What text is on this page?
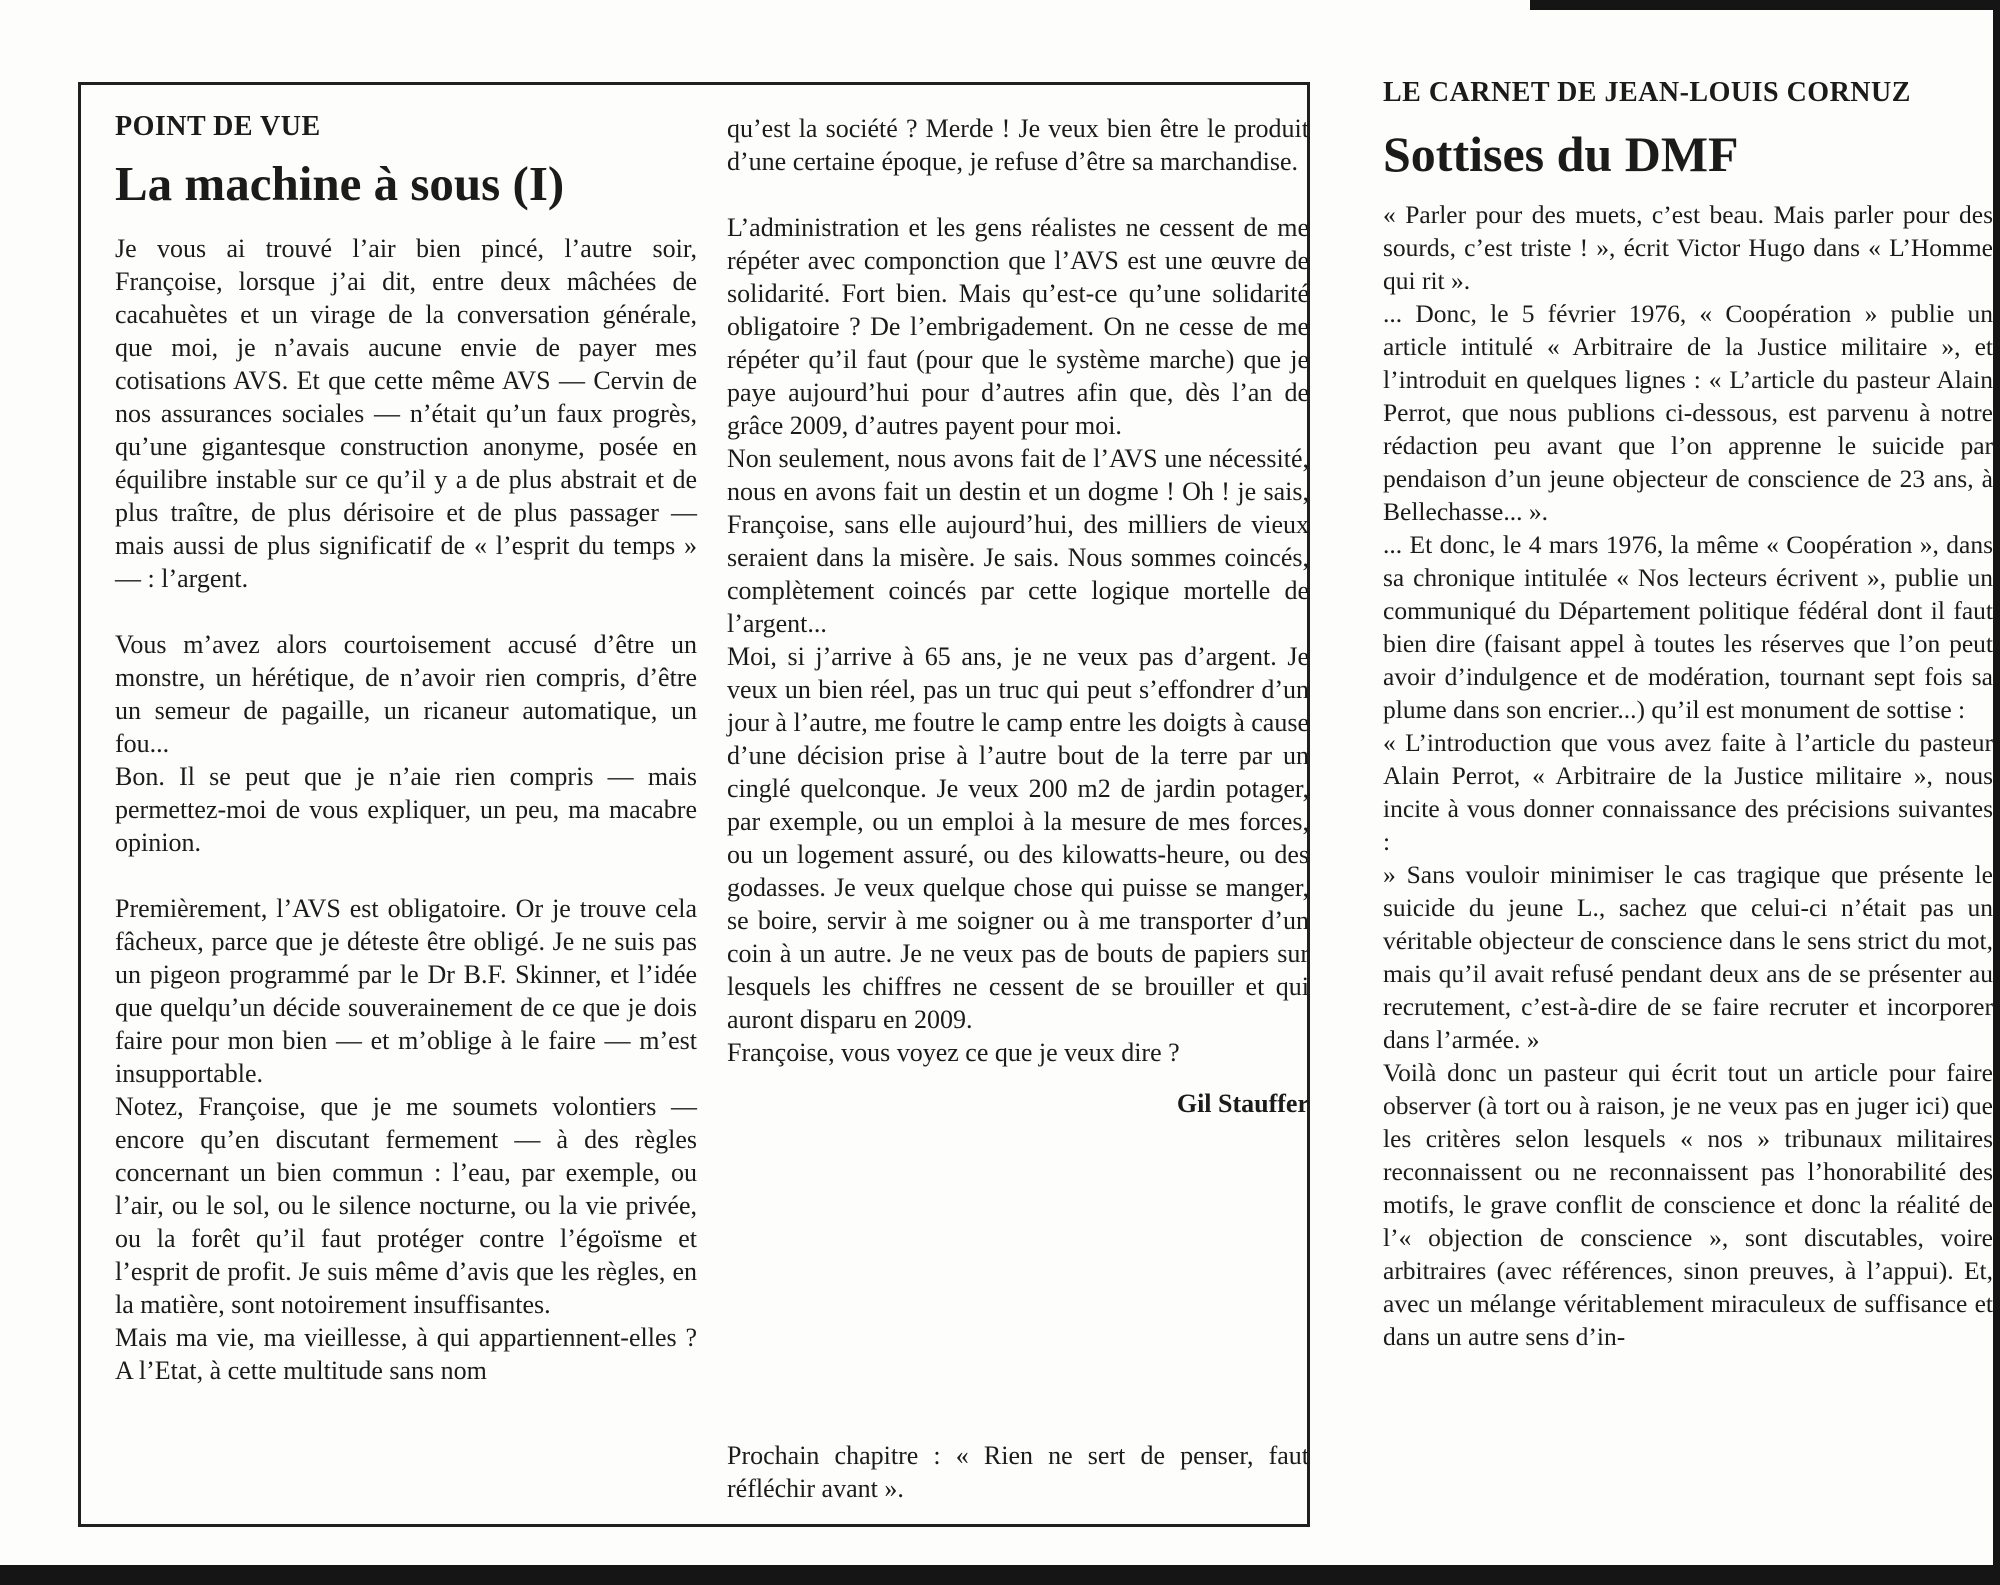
POINT DE VUE
La machine à sous (I)

Je vous ai trouvé l’air bien pincé, l’autre soir, Françoise, lorsque j’ai dit, entre deux mâchées de cacahuètes et un virage de la conversation générale, que moi, je n’avais aucune envie de payer mes cotisations AVS. Et que cette même AVS — Cervin de nos assurances sociales — n’était qu’un faux progrès, qu’une gigantesque construction anonyme, posée en équilibre instable sur ce qu’il y a de plus abstrait et de plus traître, de plus dérisoire et de plus passager — mais aussi de plus significatif de « l’esprit du temps » — : l’argent.

Vous m’avez alors courtoisement accusé d’être un monstre, un hérétique, de n’avoir rien compris, d’être un semeur de pagaille, un ricaneur automatique, un fou...

Bon. Il se peut que je n’aie rien compris — mais permettez-moi de vous expliquer, un peu, ma macabre opinion.

Premièrement, l’AVS est obligatoire. Or je trouve cela fâcheux, parce que je déteste être obligé. Je ne suis pas un pigeon programmé par le Dr B.F. Skinner, et l’idée que quelqu’un décide souverainement de ce que je dois faire pour mon bien — et m’oblige à le faire — m’est insupportable.

Notez, Françoise, que je me soumets volontiers — encore qu’en discutant fermement — à des règles concernant un bien commun : l’eau, par exemple, ou l’air, ou le sol, ou le silence nocturne, ou la vie privée, ou la forêt qu’il faut protéger contre l’égoïsme et l’esprit de profit. Je suis même d’avis que les règles, en la matière, sont notoirement insuffisantes.

Mais ma vie, ma vieillesse, à qui appartiennent-elles ? A l’Etat, à cette multitude sans nom

qu’est la société ? Merde ! Je veux bien être le produit d’une certaine époque, je refuse d’être sa marchandise.

L’administration et les gens réalistes ne cessent de me répéter avec componction que l’AVS est une œuvre de solidarité. Fort bien. Mais qu’est-ce qu’une solidarité obligatoire ? De l’embrigadement. On ne cesse de me répéter qu’il faut (pour que le système marche) que je paye aujourd’hui pour d’autres afin que, dès l’an de grâce 2009, d’autres payent pour moi.

Non seulement, nous avons fait de l’AVS une nécessité, nous en avons fait un destin et un dogme ! Oh ! je sais, Françoise, sans elle aujourd’hui, des milliers de vieux seraient dans la misère. Je sais. Nous sommes coincés, complètement coincés par cette logique mortelle de l’argent...

Moi, si j’arrive à 65 ans, je ne veux pas d’argent. Je veux un bien réel, pas un truc qui peut s’effondrer d’un jour à l’autre, me foutre le camp entre les doigts à cause d’une décision prise à l’autre bout de la terre par un cinglé quelconque. Je veux 200 m2 de jardin potager, par exemple, ou un emploi à la mesure de mes forces, ou un logement assuré, ou des kilowatts-heure, ou des godasses. Je veux quelque chose qui puisse se manger, se boire, servir à me soigner ou à me transporter d’un coin à un autre. Je ne veux pas de bouts de papiers sur lesquels les chiffres ne cessent de se brouiller et qui auront disparu en 2009.

Françoise, vous voyez ce que je veux dire ?

Gil Stauffer
Prochain chapitre : « Rien ne sert de penser, faut réfléchir avant ».
LE CARNET DE JEAN-LOUIS CORNUZ
Sottises du DMF

« Parler pour des muets, c’est beau. Mais parler pour des sourds, c’est triste ! », écrit Victor Hugo dans « L’Homme qui rit ».

... Donc, le 5 février 1976, « Coopération » publie un article intitulé « Arbitraire de la Justice militaire », et l’introduit en quelques lignes : « L’article du pasteur Alain Perrot, que nous publions ci-dessous, est parvenu à notre rédaction peu avant que l’on apprenne le suicide par pendaison d’un jeune objecteur de conscience de 23 ans, à Bellechasse... ».

... Et donc, le 4 mars 1976, la même « Coopération », dans sa chronique intitulée « Nos lecteurs écrivent », publie un communiqué du Département politique fédéral dont il faut bien dire (faisant appel à toutes les réserves que l’on peut avoir d’indulgence et de modération, tournant sept fois sa plume dans son encrier...) qu’il est monument de sottise :

« L’introduction que vous avez faite à l’article du pasteur Alain Perrot, « Arbitraire de la Justice militaire », nous incite à vous donner connaissance des précisions suivantes :

» Sans vouloir minimiser le cas tragique que présente le suicide du jeune L., sachez que celui-ci n’était pas un véritable objecteur de conscience dans le sens strict du mot, mais qu’il avait refusé pendant deux ans de se présenter au recrutement, c’est-à-dire de se faire recruter et incorporer dans l’armée. »

Voilà donc un pasteur qui écrit tout un article pour faire observer (à tort ou à raison, je ne veux pas en juger ici) que les critères selon lesquels « nos » tribunaux militaires reconnaissent ou ne reconnaissent pas l’honorabilité des motifs, le grave conflit de conscience et donc la réalité de l’« objection de conscience », sont discutables, voire arbitraires (avec références, sinon preuves, à l’appui). Et, avec un mélange véritablement miraculeux de suffisance et dans un autre sens d’in-
